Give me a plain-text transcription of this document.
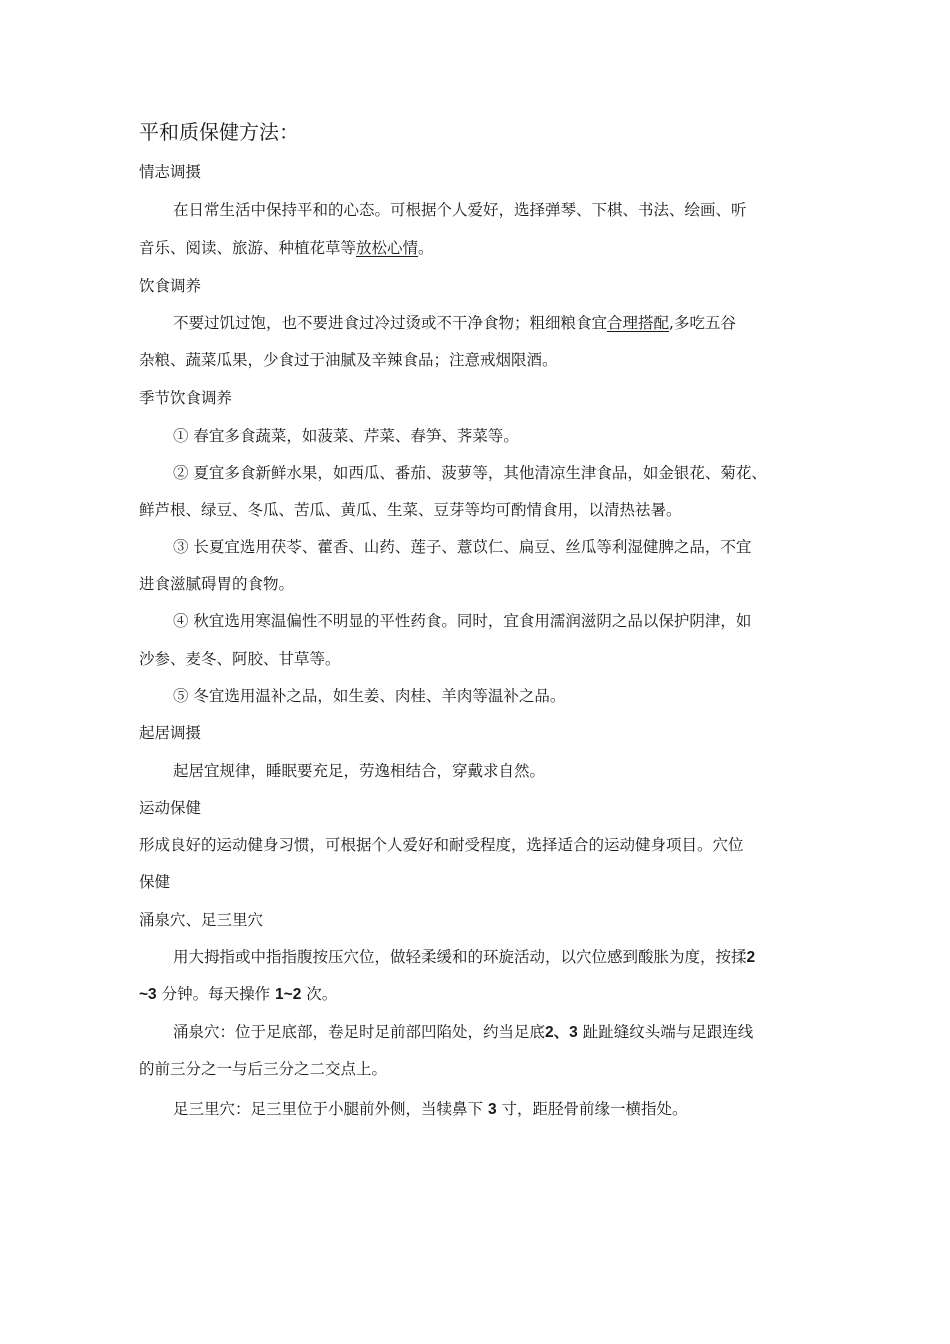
平和质保健方法：
情志调摄
在日常生活中保持平和的心态。可根据个人爱好，选择弹琴、下棋、书法、绘画、听
音乐、阅读、旅游、种植花草等放松心情。
饮食调养
不要过饥过饱，也不要进食过冷过烫或不干净食物；粗细粮食宜合理搭配,多吃五谷
杂粮、蔬菜瓜果，少食过于油腻及辛辣食品；注意戒烟限酒。
季节饮食调养
① 春宜多食蔬菜，如菠菜、芹菜、春笋、荠菜等。
② 夏宜多食新鲜水果，如西瓜、番茄、菠萝等，其他清凉生津食品，如金银花、菊花、
鲜芦根、绿豆、冬瓜、苦瓜、黄瓜、生菜、豆芽等均可酌情食用，以清热祛暑。
③ 长夏宜选用茯苓、藿香、山药、莲子、薏苡仁、扁豆、丝瓜等利湿健脾之品，不宜
进食滋腻碍胃的食物。
④ 秋宜选用寒温偏性不明显的平性药食。同时，宜食用濡润滋阴之品以保护阴津，如
沙参、麦冬、阿胶、甘草等。
⑤ 冬宜选用温补之品，如生姜、肉桂、羊肉等温补之品。
起居调摄
起居宜规律，睡眠要充足，劳逸相结合，穿戴求自然。
运动保健
形成良好的运动健身习惯，可根据个人爱好和耐受程度，选择适合的运动健身项目。穴位
保健
涌泉穴、足三里穴
用大拇指或中指指腹按压穴位，做轻柔缓和的环旋活动，以穴位感到酸胀为度，按揉2
~3 分钟。每天操作 1~2 次。
涌泉穴：位于足底部，卷足时足前部凹陷处，约当足底2、3 趾趾缝纹头端与足跟连线
的前三分之一与后三分之二交点上。
足三里穴：足三里位于小腿前外侧，当犊鼻下 3 寸，距胫骨前缘一横指处。
